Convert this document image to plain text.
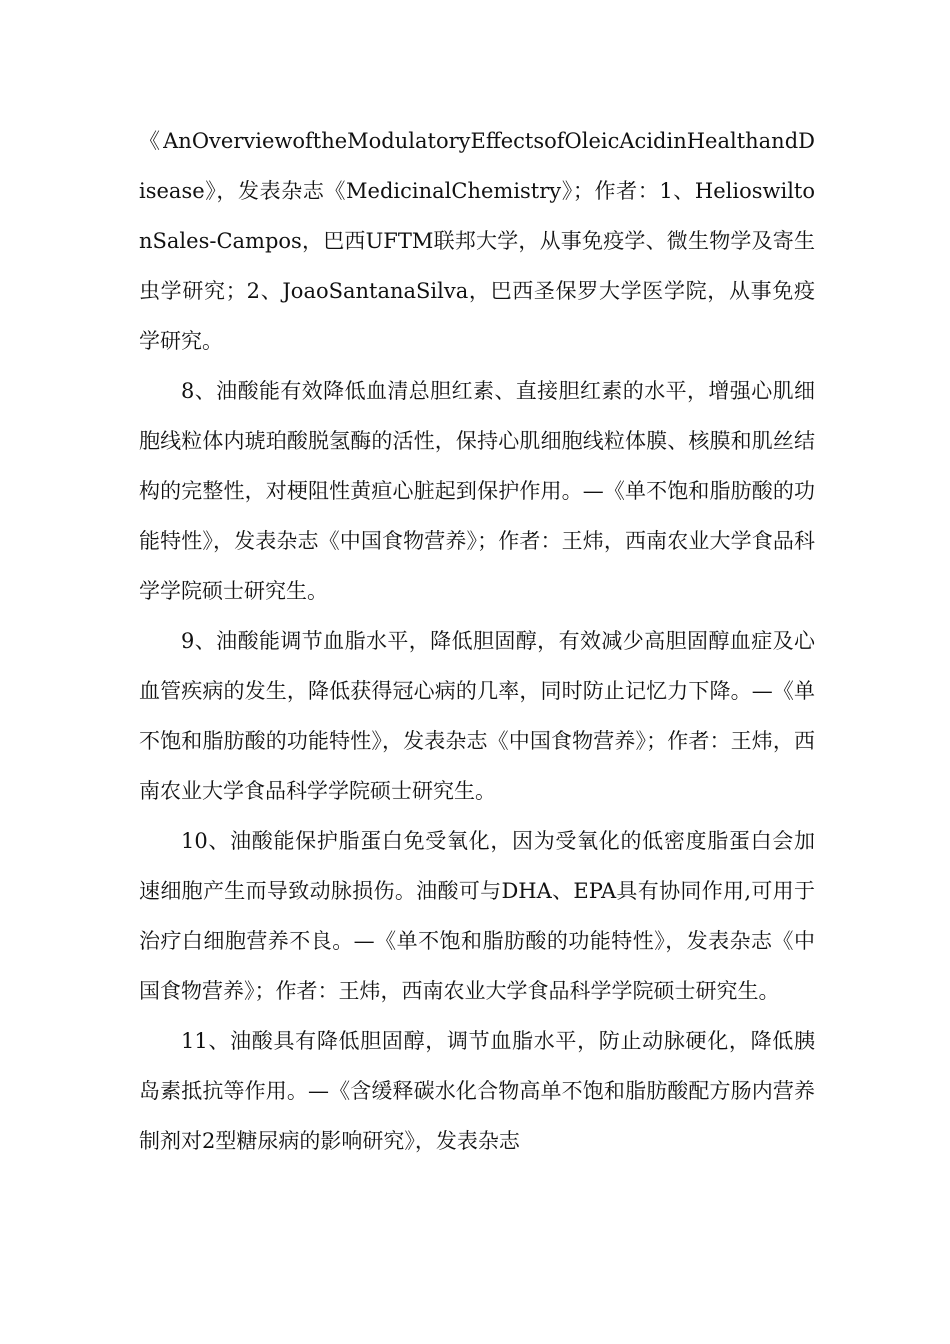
《AnOverviewoftheModulatoryEffectsofOleicAcidinHealthandDisease》，发表杂志《MedicinalChemistry》；作者：1、HelioswiltonSales-Campos，巴西UFTM联邦大学，从事免疫学、微生物学及寄生虫学研究；2、JoaoSantanaSilva，巴西圣保罗大学医学院，从事免疫学研究。

8、油酸能有效降低血清总胆红素、直接胆红素的水平，增强心肌细胞线粒体内琥珀酸脱氢酶的活性，保持心肌细胞线粒体膜、核膜和肌丝结构的完整性，对梗阻性黄疸心脏起到保护作用。—《单不饱和脂肪酸的功能特性》，发表杂志《中国食物营养》；作者：王炜，西南农业大学食品科学学院硕士研究生。

9、油酸能调节血脂水平，降低胆固醇，有效减少高胆固醇血症及心血管疾病的发生，降低获得冠心病的几率，同时防止记忆力下降。—《单不饱和脂肪酸的功能特性》，发表杂志《中国食物营养》；作者：王炜，西南农业大学食品科学学院硕士研究生。

10、油酸能保护脂蛋白免受氧化，因为受氧化的低密度脂蛋白会加速细胞产生而导致动脉损伤。油酸可与DHA、EPA具有协同作用,可用于治疗白细胞营养不良。—《单不饱和脂肪酸的功能特性》，发表杂志《中国食物营养》；作者：王炜，西南农业大学食品科学学院硕士研究生。

11、油酸具有降低胆固醇，调节血脂水平，防止动脉硬化，降低胰岛素抵抗等作用。—《含缓释碳水化合物高单不饱和脂肪酸配方肠内营养制剂对2型糖尿病的影响研究》，发表杂志
